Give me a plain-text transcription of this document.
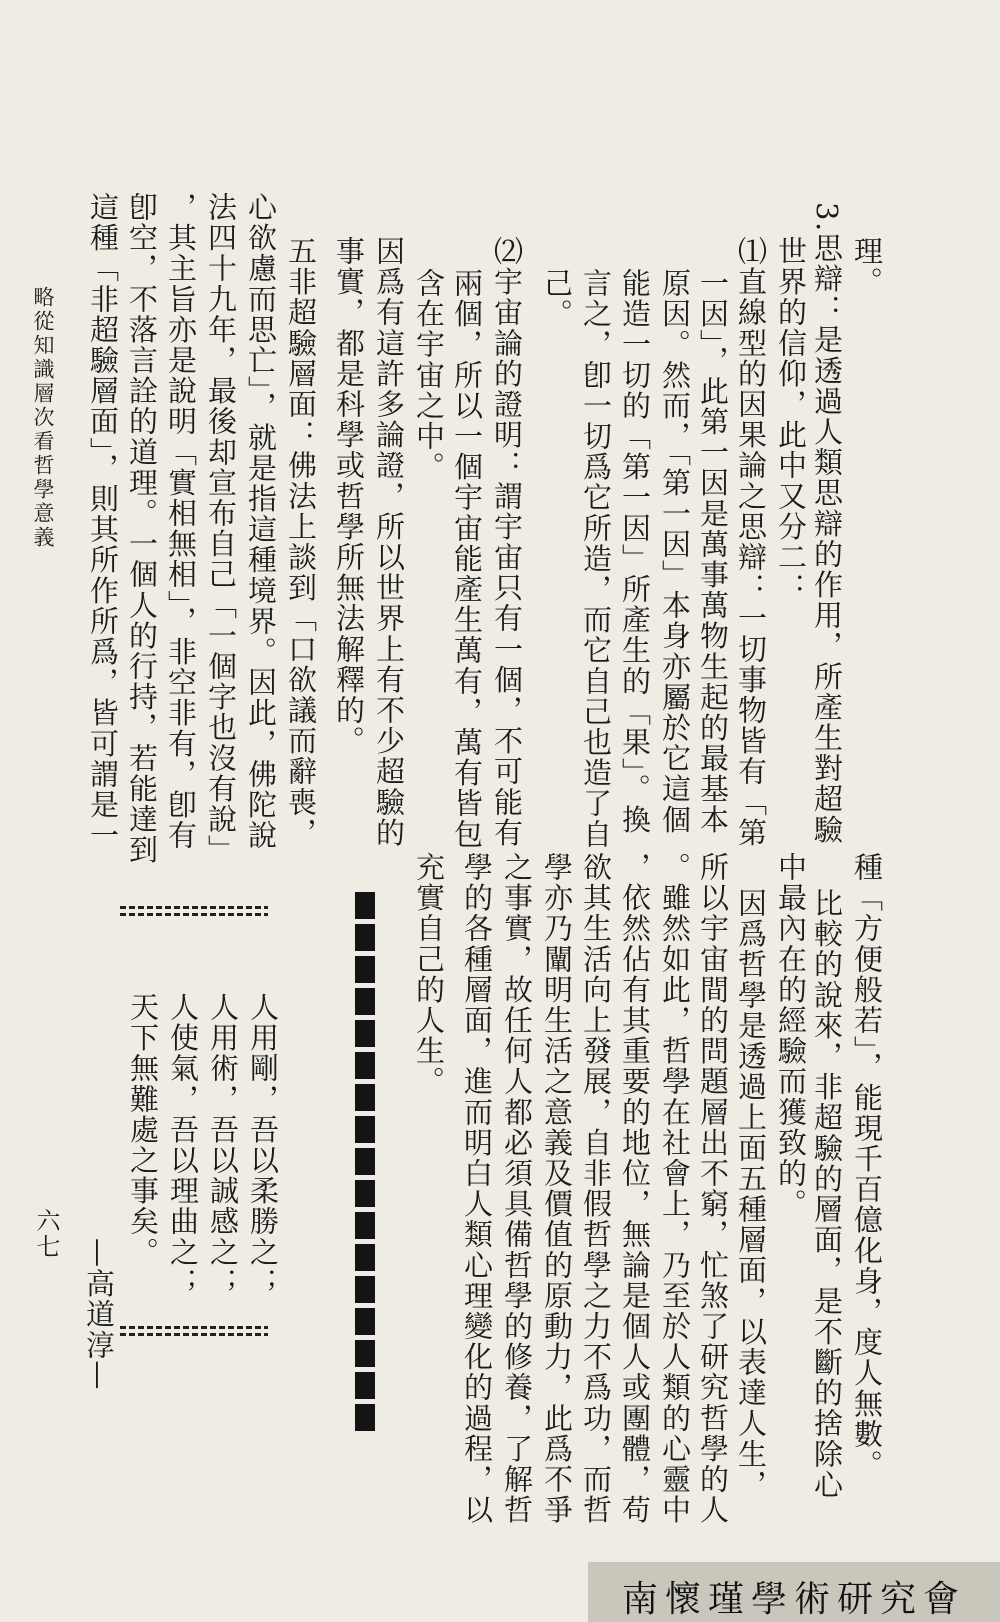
理。
3.思辯：是透過人類思辯的作用，所產生對超驗
世界的信仰，此中又分二：
⑴直線型的因果論之思辯：一切事物皆有「第
一因」，此第一因是萬事萬物生起的最基本
原因。然而，「第一因」本身亦屬於它這個
能造一切的「第一因」所產生的「果」。換
言之，卽一切爲它所造，而它自己也造了自
己。
⑵宇宙論的證明：謂宇宙只有一個，不可能有
兩個，所以一個宇宙能產生萬有，萬有皆包
含在宇宙之中。
因爲有這許多論證，所以世界上有不少超驗的
事實，都是科學或哲學所無法解釋的。
五非超驗層面：佛法上談到「口欲議而辭喪，
心欲慮而思亡」，就是指這種境界。因此，佛陀說
法四十九年，最後却宣布自己「一個字也沒有說」
，其主旨亦是說明「實相無相」，非空非有，卽有
卽空，不落言詮的道理。一個人的行持，若能達到
這種「非超驗層面」，則其所作所爲，皆可謂是一
種「方便般若」，能現千百億化身，度人無數。
比較的說來，非超驗的層面，是不斷的捨除心
中最內在的經驗而獲致的。
因爲哲學是透過上面五種層面，以表達人生，
所以宇宙間的問題層出不窮，忙煞了研究哲學的人
。雖然如此，哲學在社會上，乃至於人類的心靈中
，依然佔有其重要的地位，無論是個人或團體，苟
欲其生活向上發展，自非假哲學之力不爲功，而哲
學亦乃闡明生活之意義及價值的原動力，此爲不爭
之事實，故任何人都必須具備哲學的修養，了解哲
學的各種層面，進而明白人類心理變化的過程，以
充實自己的人生。
人用剛，吾以柔勝之；
人用術，吾以誠感之；
人使氣，吾以理曲之；
天下無難處之事矣。
—高道淳—
略從知識層次看哲學意義
六七
南懷瑾學術研究會
